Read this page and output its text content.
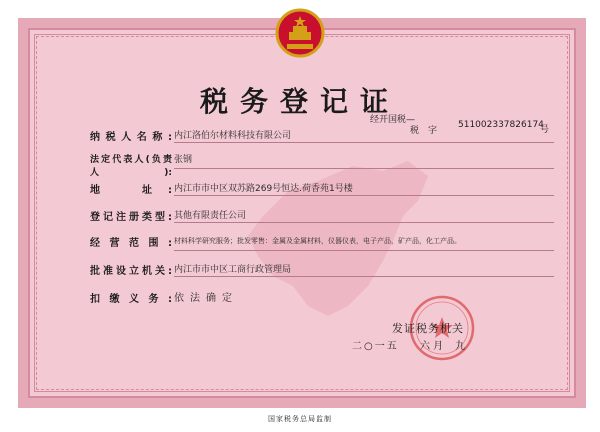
税务登记证
经开国税—
税　字
511002337826174
号
纳税人名称: 内江洛伯尔材料科技有限公司
法定代表人(负责人):
张钢
地　址: 内江市市中区双苏路269号恒达.荷香苑1号楼
登记注册类型: 其他有限责任公司
经营范围: 材料科学研究服务；批发零售：金属及金属材料，仪器仪表，电子产品，矿产品，化工产品。
批准设立机关: 内江市市中区工商行政管理局
扣缴义务: 依法确定
发证税务机关
二○一五 六 月 九
国家税务总局监制
